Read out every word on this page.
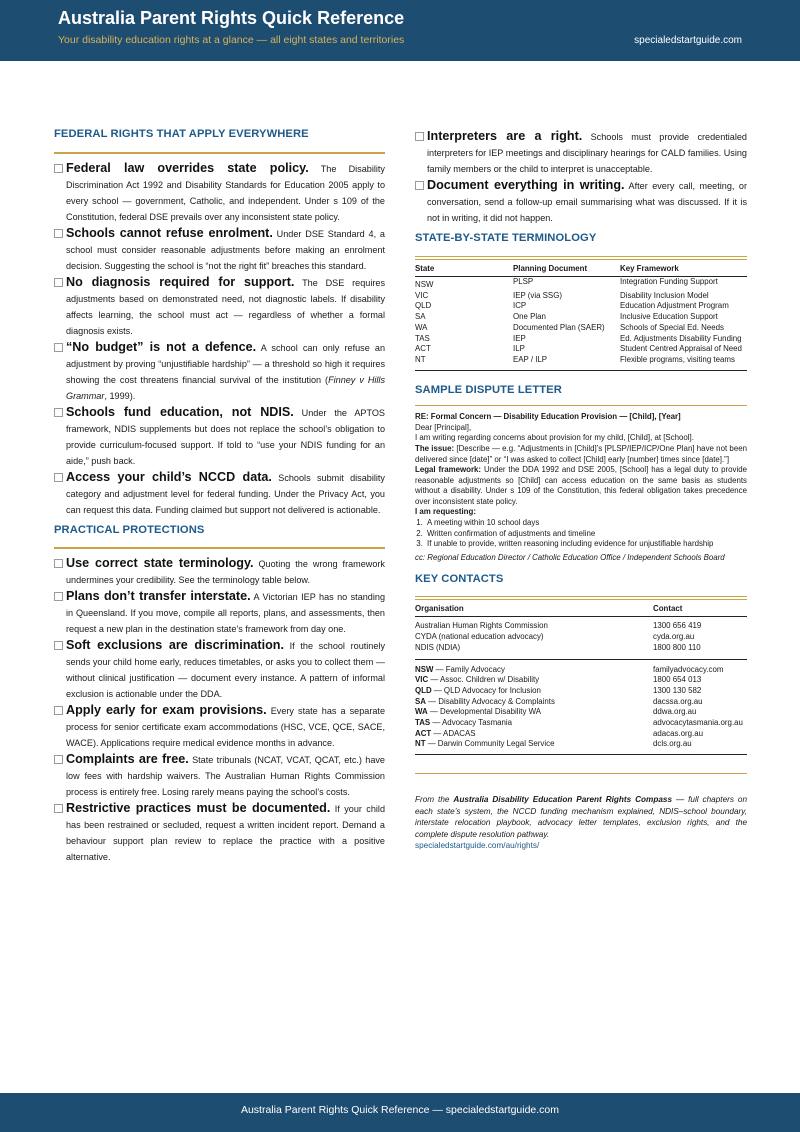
Australia Parent Rights Quick Reference
Your disability education rights at a glance — all eight states and territories	specialedstartguide.com
FEDERAL RIGHTS THAT APPLY EVERYWHERE
Federal law overrides state policy. The Disability Discrimination Act 1992 and Disability Standards for Education 2005 apply to every school — government, Catholic, and independent. Under s 109 of the Constitution, federal DSE prevails over any inconsistent state policy.
Schools cannot refuse enrolment. Under DSE Standard 4, a school must consider reasonable adjustments before making an enrolment decision. Suggesting the school is “not the right fit” breaches this standard.
No diagnosis required for support. The DSE requires adjustments based on demonstrated need, not diagnostic labels. If disability affects learning, the school must act — regardless of whether a formal diagnosis exists.
“No budget” is not a defence. A school can only refuse an adjustment by proving “unjustifiable hardship” — a threshold so high it requires showing the cost threatens financial survival of the institution (Finney v Hills Grammar, 1999).
Schools fund education, not NDIS. Under the APTOS framework, NDIS supplements but does not replace the school’s obligation to provide curriculum-focused support. If told to “use your NDIS funding for an aide,” push back.
Access your child’s NCCD data. Schools submit disability category and adjustment level for federal funding. Under the Privacy Act, you can request this data. Funding claimed but support not delivered is actionable.
PRACTICAL PROTECTIONS
Use correct state terminology. Quoting the wrong framework undermines your credibility. See the terminology table below.
Plans don’t transfer interstate. A Victorian IEP has no standing in Queensland. If you move, compile all reports, plans, and assessments, then request a new plan in the destination state’s framework from day one.
Soft exclusions are discrimination. If the school routinely sends your child home early, reduces timetables, or asks you to collect them — without clinical justification — document every instance. A pattern of informal exclusion is actionable under the DDA.
Apply early for exam provisions. Every state has a separate process for senior certificate exam accommodations (HSC, VCE, QCE, SACE, WACE). Applications require medical evidence months in advance.
Complaints are free. State tribunals (NCAT, VCAT, QCAT, etc.) have low fees with hardship waivers. The Australian Human Rights Commission process is entirely free. Losing rarely means paying the school’s costs.
Restrictive practices must be documented. If your child has been restrained or secluded, request a written incident report. Demand a behaviour support plan review to replace the practice with a positive alternative.
Interpreters are a right. Schools must provide credentialed interpreters for IEP meetings and disciplinary hearings for CALD families. Using family members or the child to interpret is unacceptable.
Document everything in writing. After every call, meeting, or conversation, send a follow-up email summarising what was discussed. If it is not in writing, it did not happen.
STATE-BY-STATE TERMINOLOGY
State	Planning Document	Key Framework
NSW	PLSP	Integration Funding Support
VIC	IEP (via SSG)	Disability Inclusion Model
QLD	ICP	Education Adjustment Program
SA	One Plan	Inclusive Education Support
WA	Documented Plan (SAER)	Schools of Special Ed. Needs
TAS	IEP	Ed. Adjustments Disability Funding
ACT	ILP	Student Centred Appraisal of Need
NT	EAP / ILP	Flexible programs, visiting teams
SAMPLE DISPUTE LETTER
RE: Formal Concern — Disability Education Provision — [Child], [Year]
Dear [Principal],
I am writing regarding concerns about provision for my child, [Child], at [School].
The issue: [Describe — e.g. “Adjustments in [Child]’s [PLSP/IEP/ICP/One Plan] have not been delivered since [date]” or “I was asked to collect [Child] early [number] times since [date].”]
Legal framework: Under the DDA 1992 and DSE 2005, [School] has a legal duty to provide reasonable adjustments so [Child] can access education on the same basis as students without a disability. Under s 109 of the Constitution, this federal obligation takes precedence over inconsistent state policy.
I am requesting:
1. A meeting within 10 school days
2. Written confirmation of adjustments and timeline
3. If unable to provide, written reasoning including evidence for unjustifiable hardship
cc: Regional Education Director / Catholic Education Office / Independent Schools Board
KEY CONTACTS
Organisation	Contact
Australian Human Rights Commission	1300 656 419
CYDA (national education advocacy)	cyda.org.au
NDIS (NDIA)	1800 800 110
NSW — Family Advocacy	familyadvocacy.com
VIC — Assoc. Children w/ Disability	1800 654 013
QLD — QLD Advocacy for Inclusion	1300 130 582
SA — Disability Advocacy & Complaints	dacssa.org.au
WA — Developmental Disability WA	ddwa.org.au
TAS — Advocacy Tasmania	advocacytasmania.org.au
ACT — ADACAS	adacas.org.au
NT — Darwin Community Legal Service	dcls.org.au
From the Australia Disability Education Parent Rights Compass — full chapters on each state’s system, the NCCD funding mechanism explained, NDIS–school boundary, interstate relocation playbook, advocacy letter templates, exclusion rights, and the complete dispute resolution pathway.
specialedstartguide.com/au/rights/
Australia Parent Rights Quick Reference — specialedstartguide.com
